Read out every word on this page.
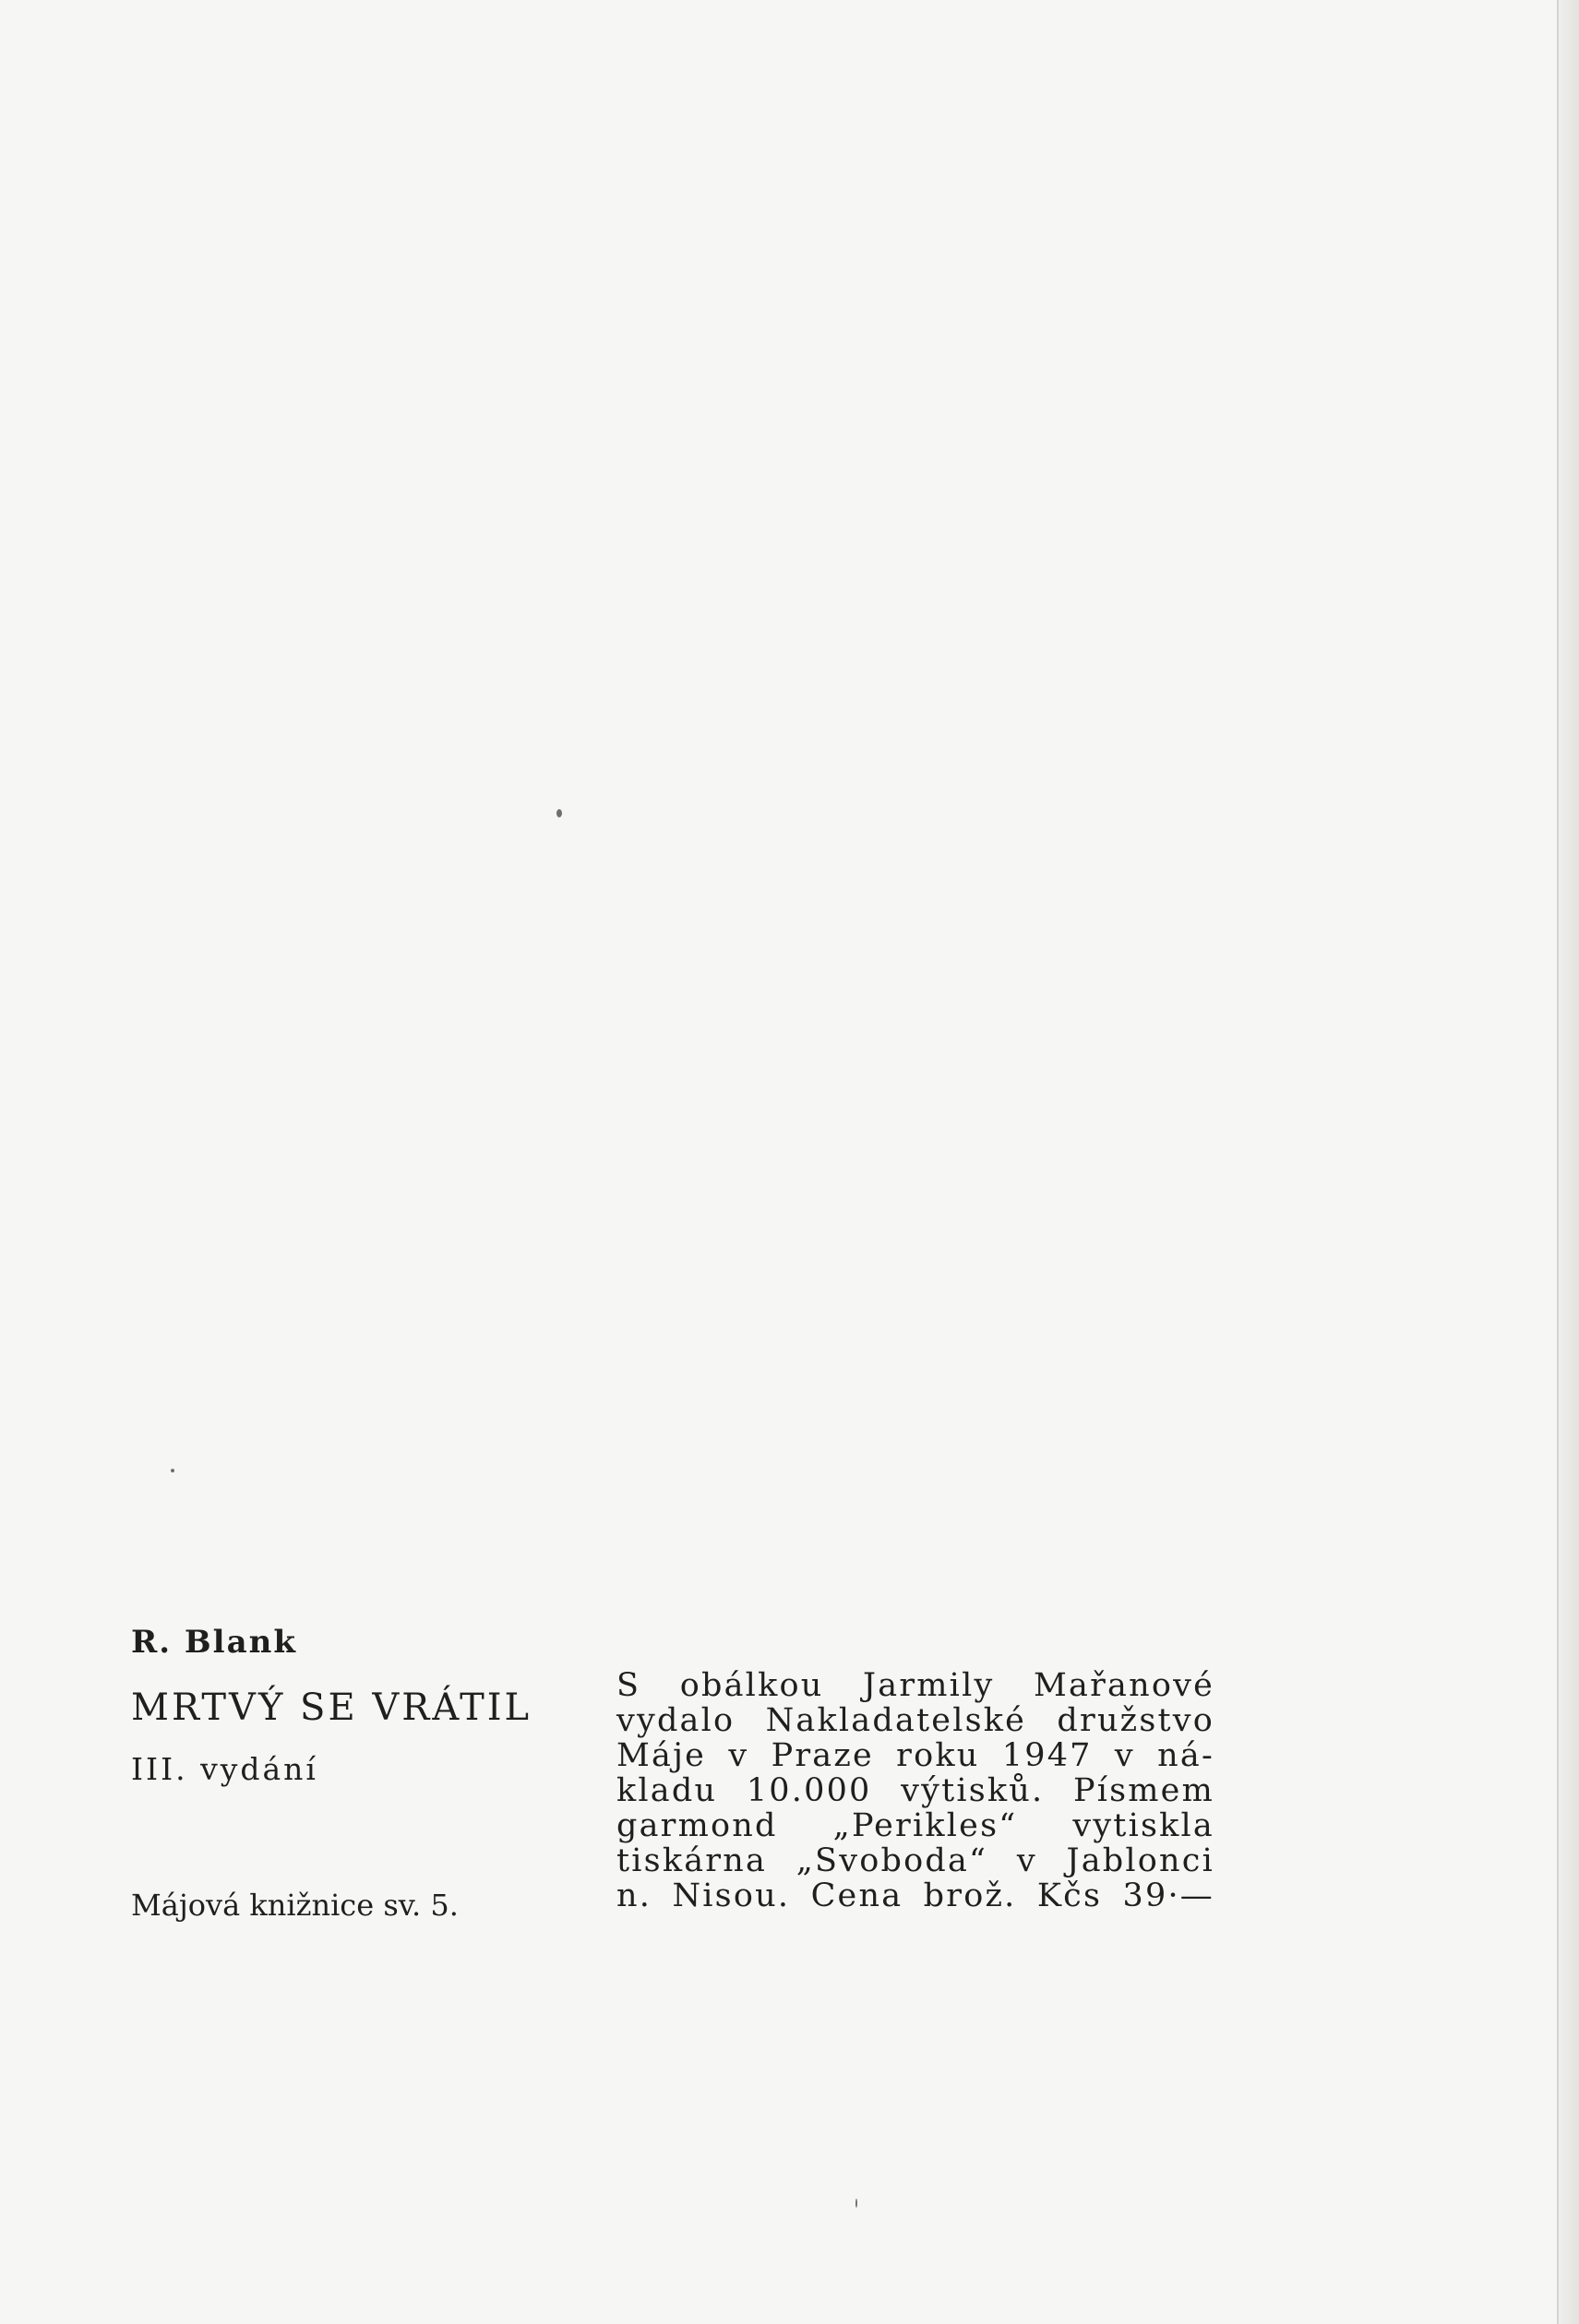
R. Blank
MRTVÝ SE VRÁTIL
III. vydání
Májová knižnice sv. 5.
S obálkou Jarmily Mařanové
vydalo Nakladatelské družstvo
Máje v Praze roku 1947 v ná-
kladu 10.000 výtisků. Písmem
garmond „Perikles“ vytiskla
tiskárna „Svoboda“ v Jablonci
n. Nisou. Cena brož. Kčs 39·—
